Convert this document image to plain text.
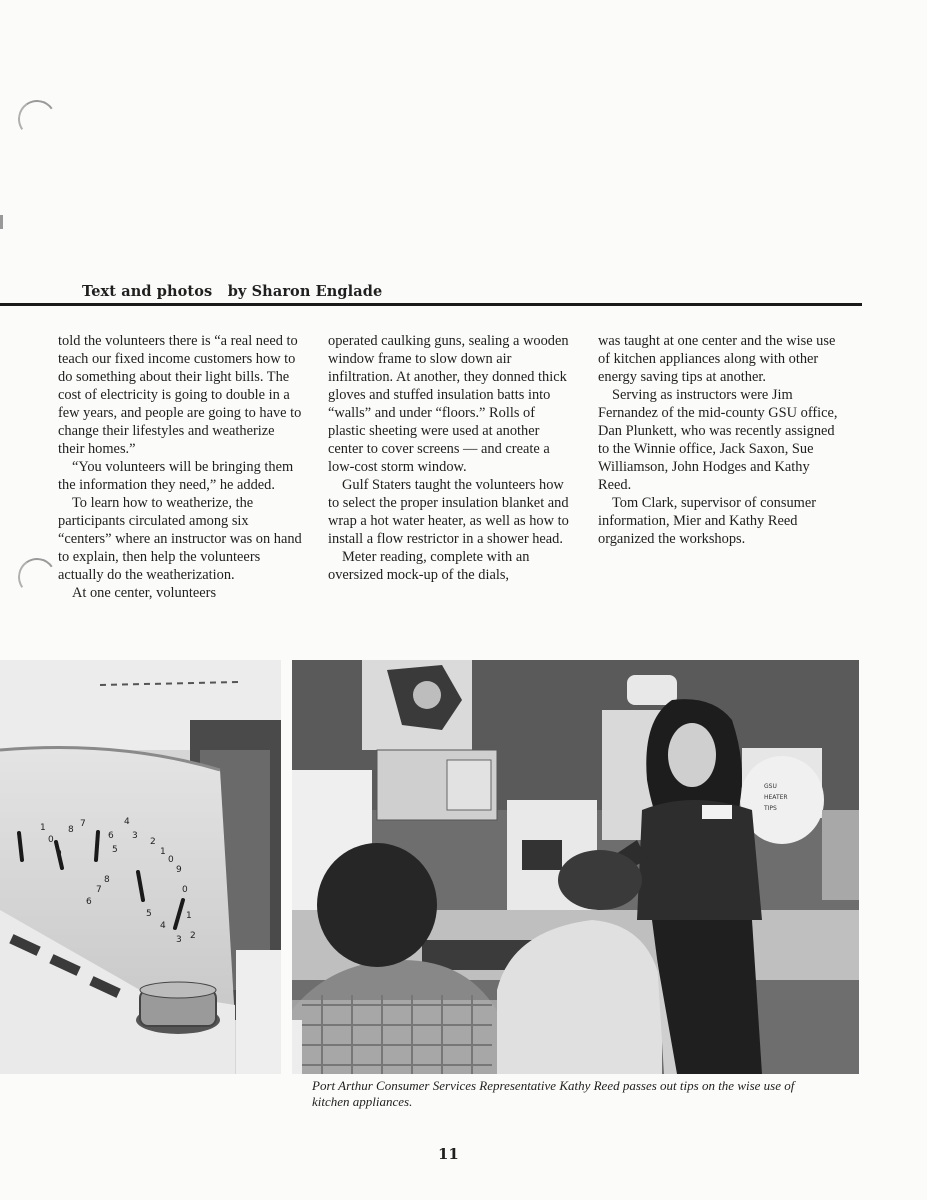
Text and photos   by Sharon Englade

told the volunteers there is “a real need to teach our fixed income customers how to do something about their light bills. The cost of electricity is going to double in a few years, and people are going to have to change their lifestyles and weatherize their homes.”

“You volunteers will be bringing them the information they need,” he added.

To learn how to weatherize, the participants circulated among six “centers” where an instructor was on hand to explain, then help the volunteers actually do the weatherization.

At one center, volunteers

operated caulking guns, sealing a wooden window frame to slow down air infiltration. At another, they donned thick gloves and stuffed insulation batts into “walls” and under “floors.” Rolls of plastic sheeting were used at another center to cover screens — and create a low-cost storm window.

Gulf Staters taught the volunteers how to select the proper insulation blanket and wrap a hot water heater, as well as how to install a flow restrictor in a shower head.

Meter reading, complete with an oversized mock-up of the dials,

was taught at one center and the wise use of kitchen appliances along with other energy saving tips at another.

Serving as instructors were Jim Fernandez of the mid-county GSU office, Dan Plunkett, who was recently assigned to the Winnie office, Jack Saxon, Sue Williamson, John Hodges and Kathy Reed.

Tom Clark, supervisor of consumer information, Mier and Kathy Reed organized the workshops.

1
0
9
8
7
6
5
4
3
2
1
0
9
0
1
2
3
4
5
8
7
6
GSU
HEATER
TIPS
Port Arthur Consumer Services Representative Kathy Reed passes out tips on the wise use of kitchen appliances.
11
